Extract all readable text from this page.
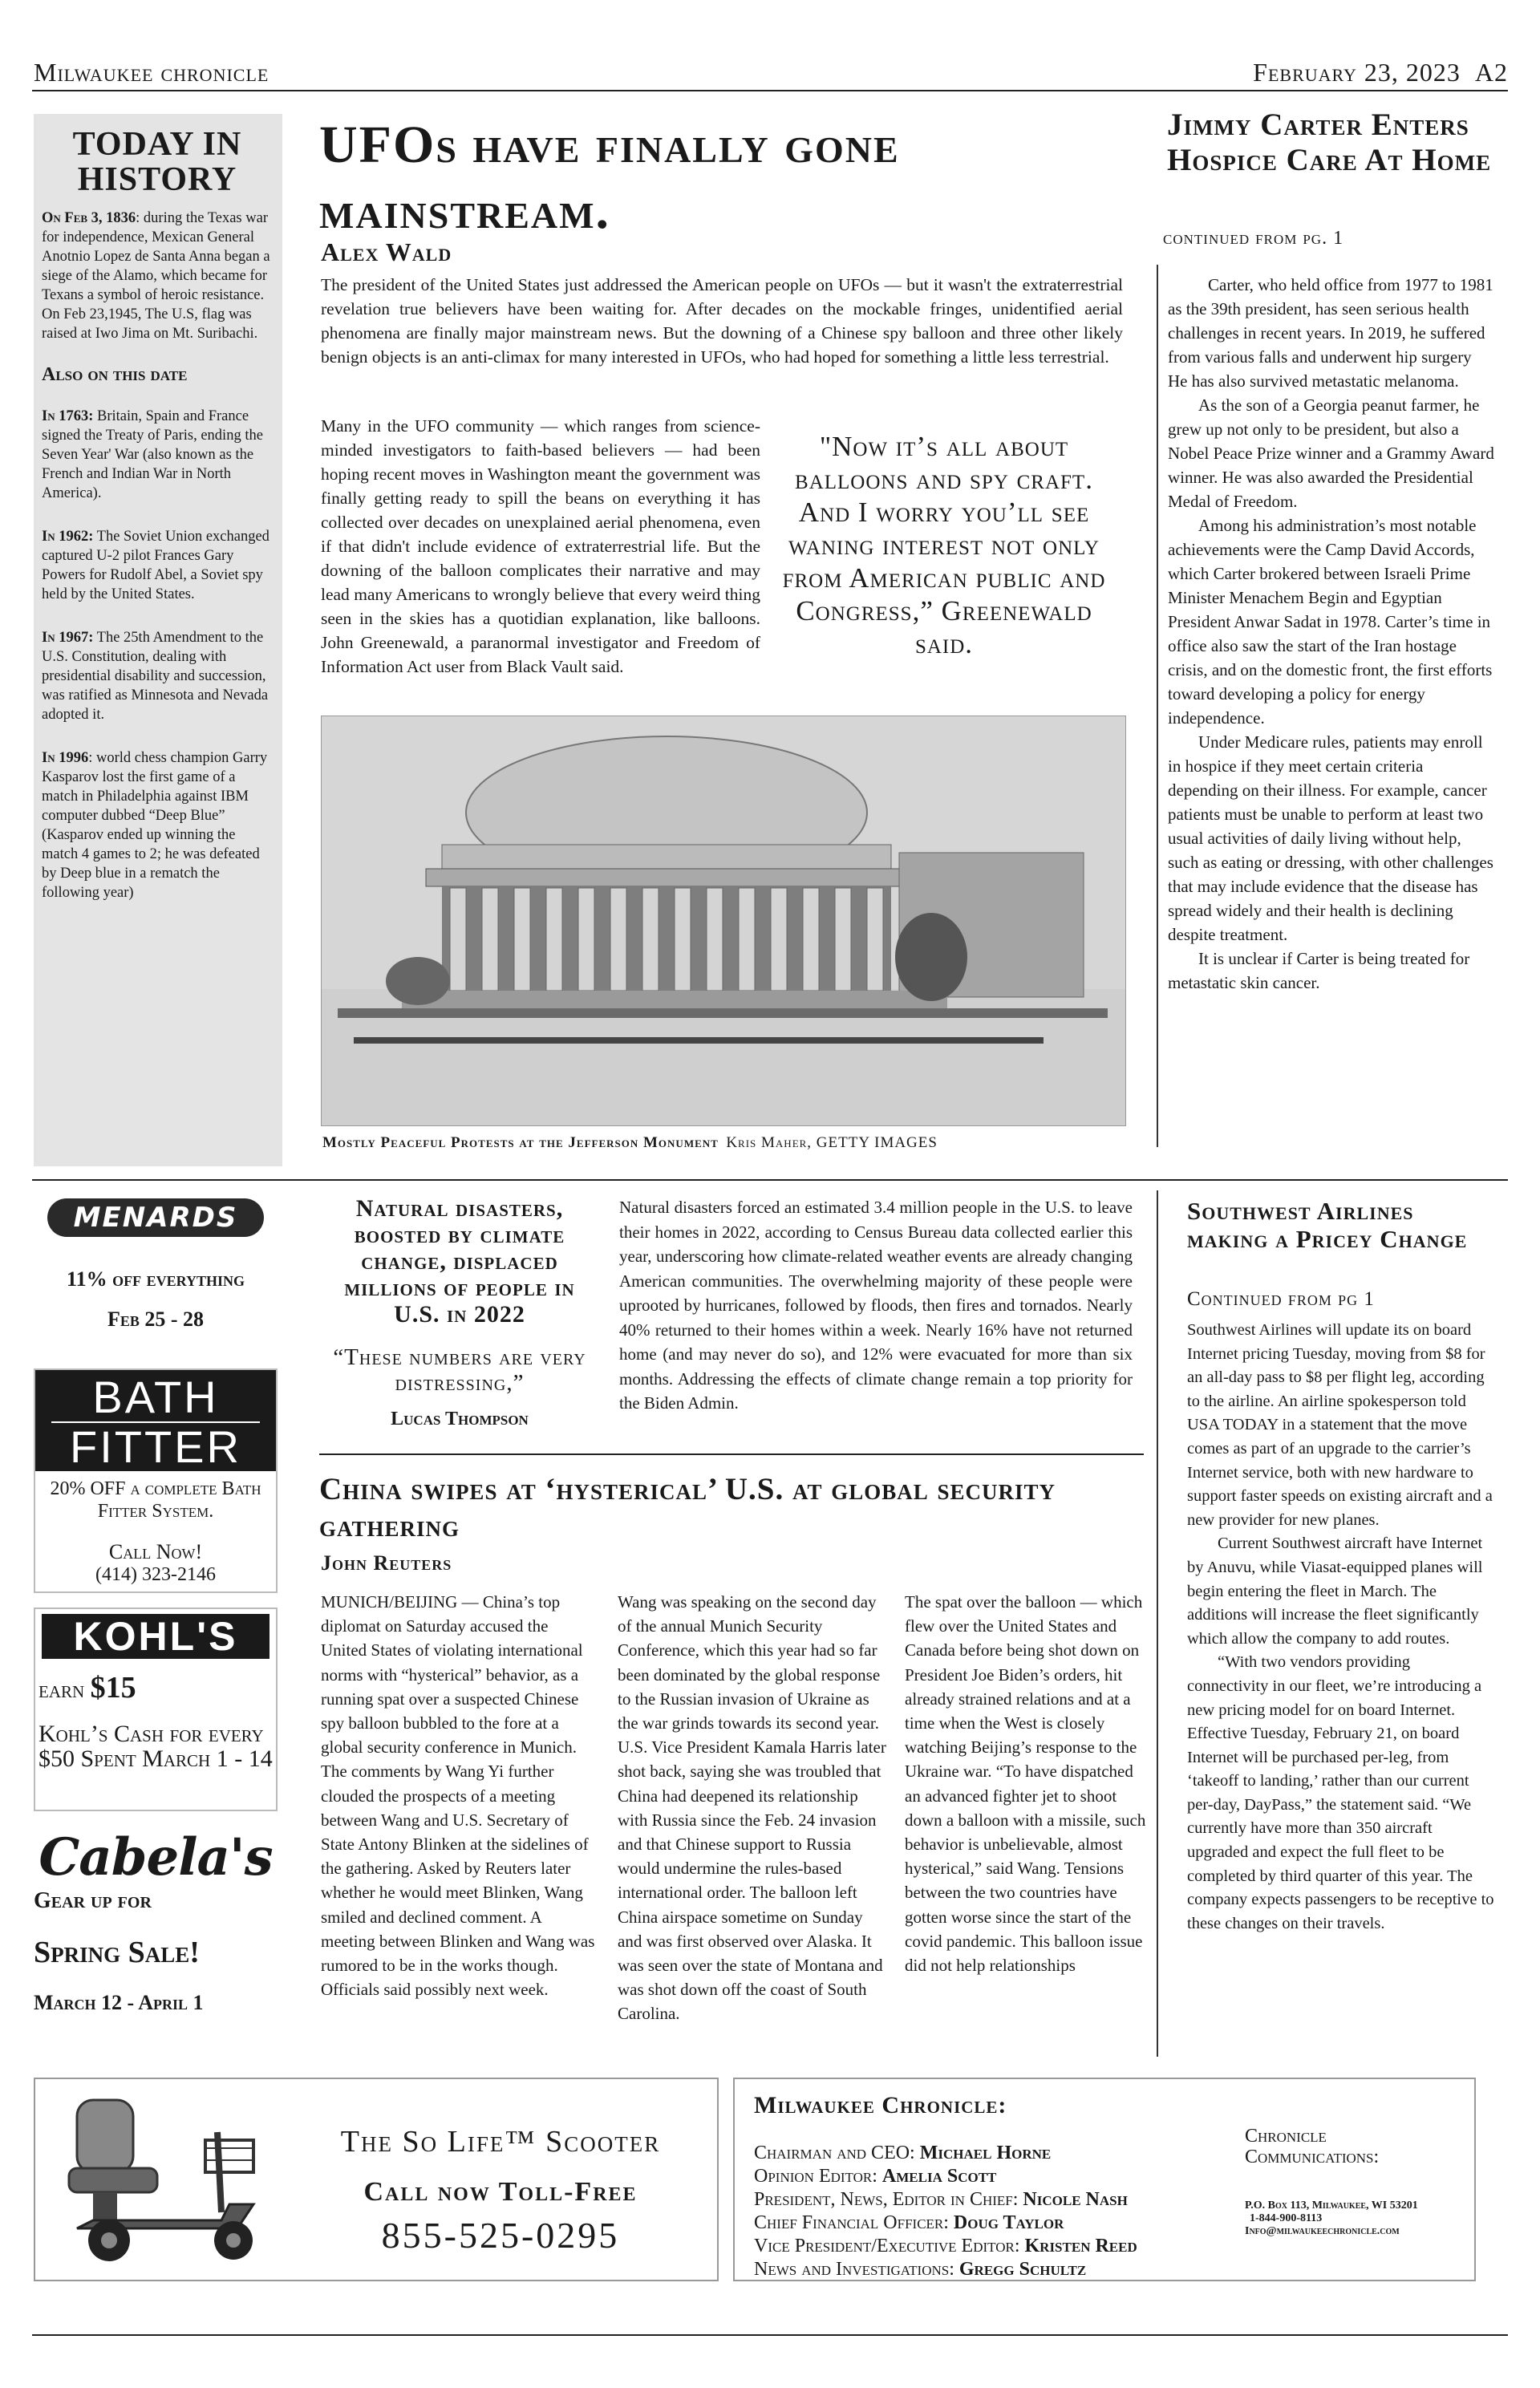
Milwaukee chronicle	February 23, 2023 A2
TODAY IN HISTORY

On Feb 3, 1836: during the Texas war for independence, Mexican General Anotnio Lopez de Santa Anna began a siege of the Alamo, which became for Texans a symbol of heroic resistance. On Feb 23,1945, The U.S, flag was raised at Iwo Jima on Mt. Suribachi.

Also on this date

In 1763: Britain, Spain and France signed the Treaty of Paris, ending the Seven Year' War (also known as the French and Indian War in North America).

In 1962: The Soviet Union exchanged captured U-2 pilot Frances Gary Powers for Rudolf Abel, a Soviet spy held by the United States.

In 1967: The 25th Amendment to the U.S. Constitution, dealing with presidential disability and succession, was ratified as Minnesota and Nevada adopted it.

In 1996: world chess champion Garry Kasparov lost the first game of a match in Philadelphia against IBM computer dubbed “Deep Blue” (Kasparov ended up winning the match 4 games to 2; he was defeated by Deep blue in a rematch the following year)

UFOs have finally gone mainstream.
Alex Wald
The president of the United States just addressed the American people on UFOs — but it wasn't the extraterrestrial revelation true believers have been waiting for. After decades on the mockable fringes, unidentified aerial phenomena are finally major mainstream news. But the downing of a Chinese spy balloon and three other likely benign objects is an anti-climax for many interested in UFOs, who had hoped for something a little less terrestrial.
Many in the UFO community — which ranges from science-minded investigators to faith-based believers — had been hoping recent moves in Washington meant the government was finally getting ready to spill the beans on everything it has collected over decades on unexplained aerial phenomena, even if that didn't include evidence of extraterrestrial life. But the downing of the balloon complicates their narrative and may lead many Americans to wrongly believe that every weird thing seen in the skies has a quotidian explanation, like balloons. John Greenewald, a paranormal investigator and Freedom of Information Act user from Black Vault said.
"Now it’s all about balloons and spy craft. And I worry you’ll see waning interest not only from American public and Congress,” Greenewald said.
Mostly Peaceful Protests at the Jefferson Monument Kris Maher, GETTY IMAGES
Jimmy Carter Enters Hospice Care At Home
continued from pg. 1

Carter, who held office from 1977 to 1981 as the 39th president, has seen serious health challenges in recent years. In 2019, he suffered from various falls and underwent hip surgery He has also survived metastatic melanoma.

As the son of a Georgia peanut farmer, he grew up not only to be president, but also a Nobel Peace Prize winner and a Grammy Award winner. He was also awarded the Presidential Medal of Freedom.

Among his administration’s most notable achievements were the Camp David Accords, which Carter brokered between Israeli Prime Minister Menachem Begin and Egyptian President Anwar Sadat in 1978. Carter’s time in office also saw the start of the Iran hostage crisis, and on the domestic front, the first efforts toward developing a policy for energy independence.

Under Medicare rules, patients may enroll in hospice if they meet certain criteria depending on their illness. For example, cancer patients must be unable to perform at least two usual activities of daily living without help, such as eating or dressing, with other challenges that may include evidence that the disease has spread widely and their health is declining despite treatment.

It is unclear if Carter is being treated for metastatic skin cancer.

MENARDS
11% off everything
Feb 25 - 28
BATH
FITTER
20% OFF a complete Bath Fitter System.
Call Now!
(414) 323-2146
KOHL'S
earn $15
Kohl’s Cash for every $50 Spent March 1 - 14
Cabela's
Gear up for
Spring Sale!
March 12 - April 1
Natural disasters, boosted by climate change, displaced millions of people in U.S. in 2022
“These numbers are very distressing,”
Lucas Thompson
Natural disasters forced an estimated 3.4 million people in the U.S. to leave their homes in 2022, according to Census Bureau data collected earlier this year, underscoring how climate-related weather events are already changing American communities. The overwhelming majority of these people were uprooted by hurricanes, followed by floods, then fires and tornados. Nearly 40% returned to their homes within a week. Nearly 16% have not returned home (and may never do so), and 12% were evacuated for more than six months. Addressing the effects of climate change remain a top priority for the Biden Admin.
China swipes at ‘hysterical’ U.S. at global security gathering
John Reuters
MUNICH/BEIJING — China’s top diplomat on Saturday accused the United States of violating international norms with “hysterical” behavior, as a running spat over a suspected Chinese spy balloon bubbled to the fore at a global security conference in Munich. The comments by Wang Yi further clouded the prospects of a meeting between Wang and U.S. Secretary of State Antony Blinken at the sidelines of the gathering. Asked by Reuters later whether he would meet Blinken, Wang smiled and declined comment. A meeting between Blinken and Wang was rumored to be in the works though. Officials said possibly next week.
Wang was speaking on the second day of the annual Munich Security Conference, which this year had so far been dominated by the global response to the Russian invasion of Ukraine as the war grinds towards its second year. U.S. Vice President Kamala Harris later shot back, saying she was troubled that China had deepened its relationship with Russia since the Feb. 24 invasion and that Chinese support to Russia would undermine the rules-based international order. The balloon left China airspace sometime on Sunday and was first observed over Alaska. It was seen over the state of Montana and was shot down off the coast of South Carolina.
The spat over the balloon — which flew over the United States and Canada before being shot down on President Joe Biden’s orders, hit already strained relations and at a time when the West is closely watching Beijing’s response to the Ukraine war. “To have dispatched an advanced fighter jet to shoot down a balloon with a missile, such behavior is unbelievable, almost hysterical,” said Wang. Tensions between the two countries have gotten worse since the start of the covid pandemic. This balloon issue did not help relationships
Southwest Airlines making a Pricey Change
Continued from pg 1

Southwest Airlines will update its on board Internet pricing Tuesday, moving from $8 for an all-day pass to $8 per flight leg, according to the airline. An airline spokesperson told USA TODAY in a statement that the move comes as part of an upgrade to the carrier’s Internet service, both with new hardware to support faster speeds on existing aircraft and a new provider for new planes.

Current Southwest aircraft have Internet by Anuvu, while Viasat-equipped planes will begin entering the fleet in March. The additions will increase the fleet significantly which allow the company to add routes.

“With two vendors providing connectivity in our fleet, we’re introducing a new pricing model for on board Internet. Effective Tuesday, February 21, on board Internet will be purchased per-leg, from ‘takeoff to landing,’ rather than our current per-day, DayPass,” the statement said. “We currently have more than 350 aircraft upgraded and expect the full fleet to be completed by third quarter of this year. The company expects passengers to be receptive to these changes on their travels.

The So Life™ Scooter
Call now Toll-Free
855-525-0295
Milwaukee Chronicle:
Chairman and CEO: Michael Horne
Opinion Editor: Amelia Scott
President, News, Editor in Chief: Nicole Nash
Chief Financial Officer: Doug Taylor
Vice President/Executive Editor: Kristen Reed
News and Investigations: Gregg Schultz
Chronicle Communications:
P.O. Box 113, Milwaukee, WI 53201
1-844-900-8113
Info@milwaukeechronicle.com
